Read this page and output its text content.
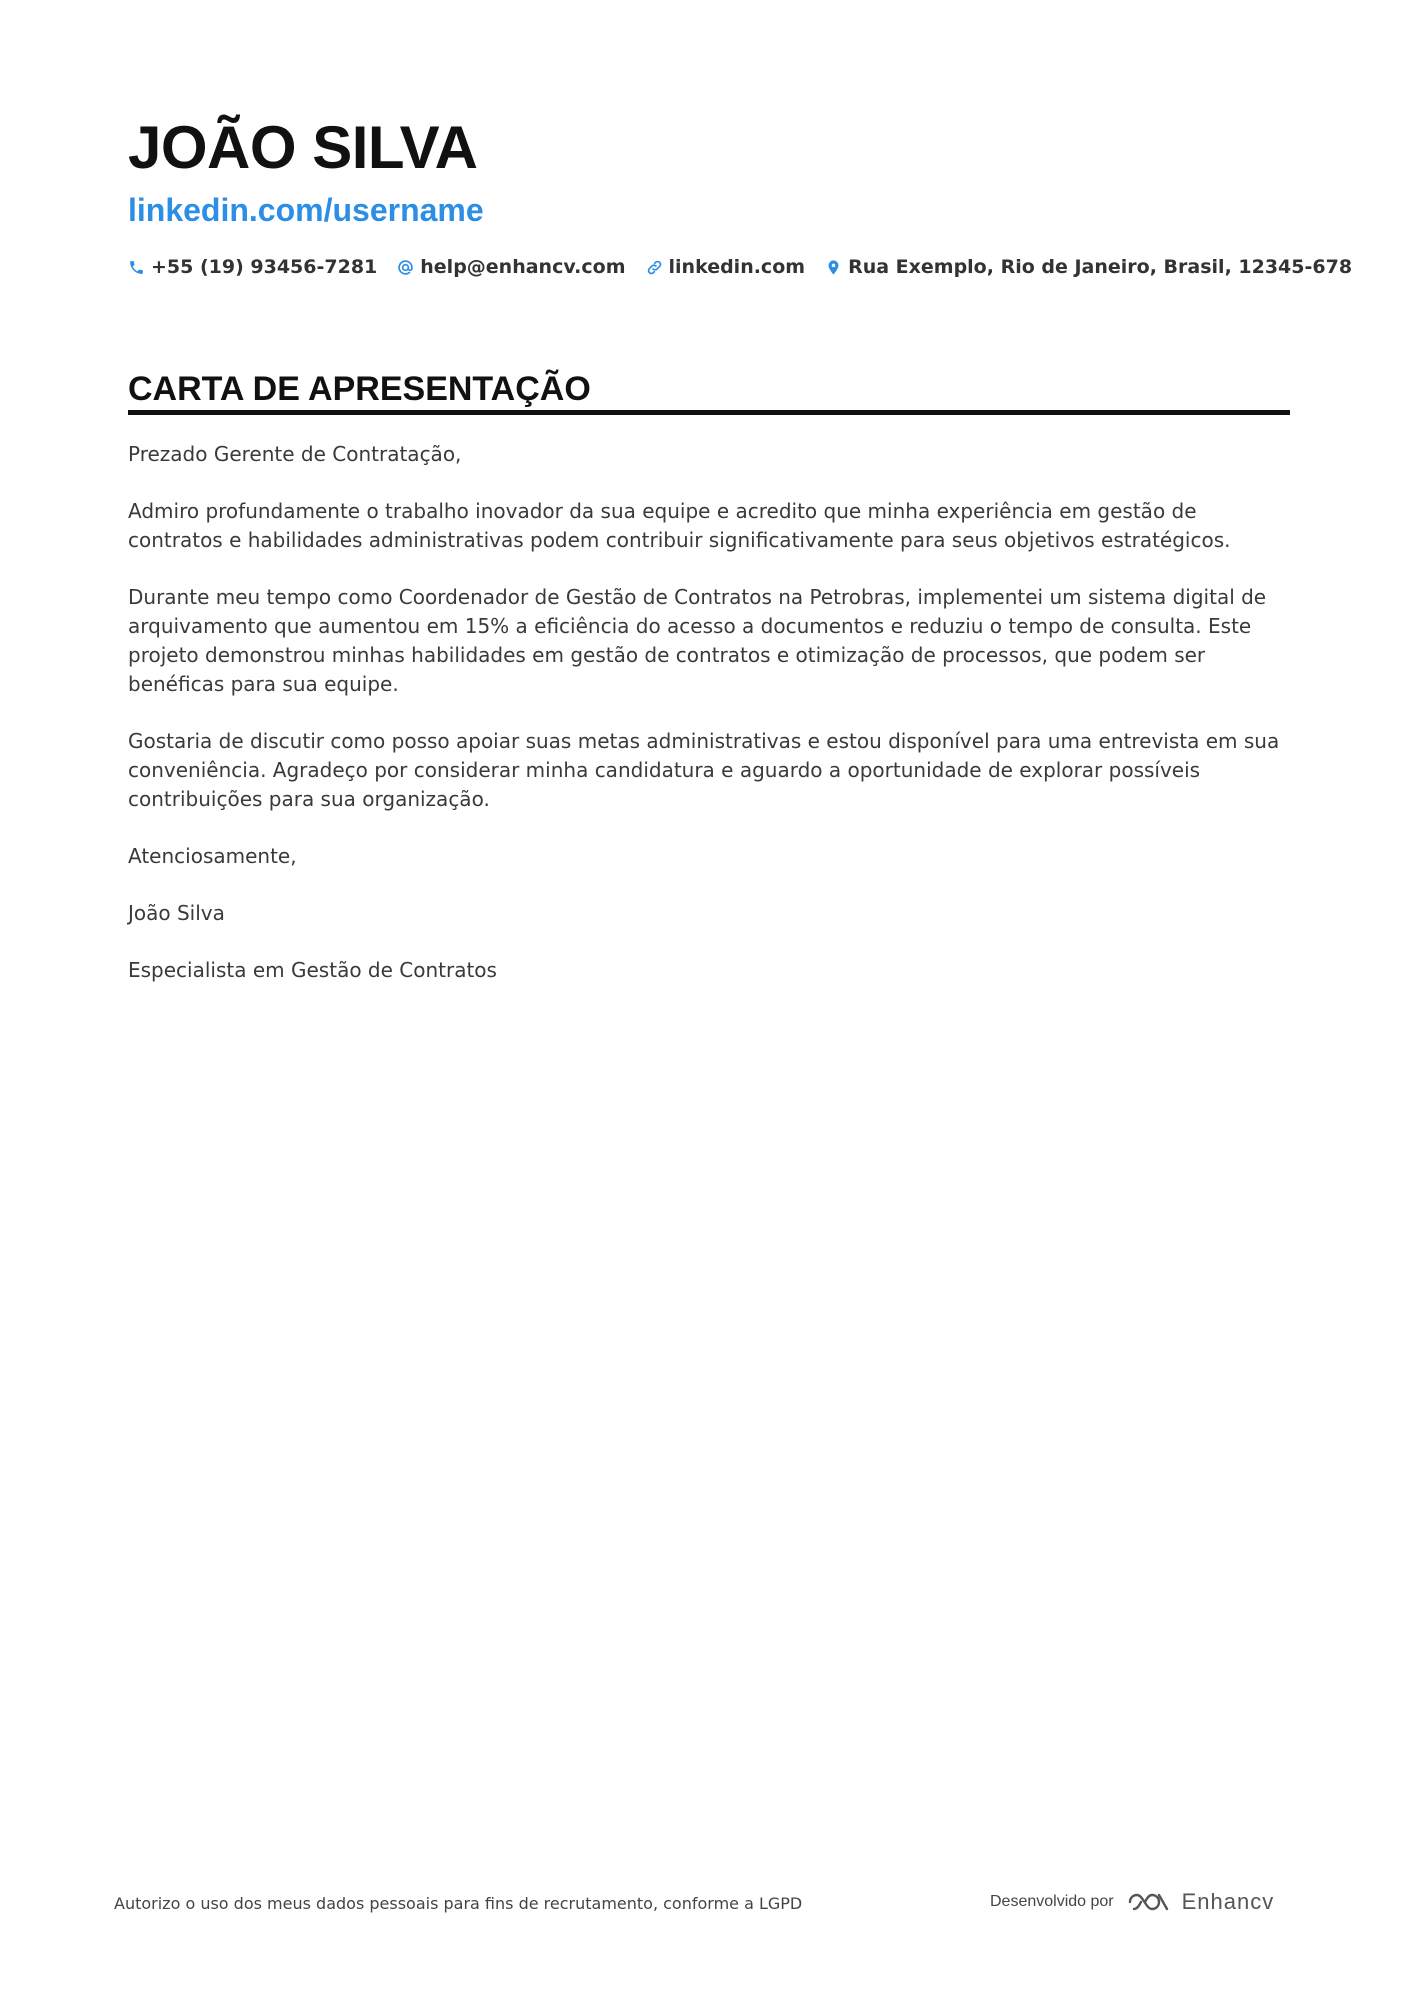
JOÃO SILVA
linkedin.com/username
+55 (19) 93456-7281 help@enhancv.com linkedin.com Rua Exemplo, Rio de Janeiro, Brasil, 12345-678
CARTA DE APRESENTAÇÃO

Prezado Gerente de Contratação,

Admiro profundamente o trabalho inovador da sua equipe e acredito que minha experiência em gestão de contratos e habilidades administrativas podem contribuir significativamente para seus objetivos estratégicos.

Durante meu tempo como Coordenador de Gestão de Contratos na Petrobras, implementei um sistema digital de arquivamento que aumentou em 15% a eficiência do acesso a documentos e reduziu o tempo de consulta. Este projeto demonstrou minhas habilidades em gestão de contratos e otimização de processos, que podem ser benéficas para sua equipe.

Gostaria de discutir como posso apoiar suas metas administrativas e estou disponível para uma entrevista em sua conveniência. Agradeço por considerar minha candidatura e aguardo a oportunidade de explorar possíveis contribuições para sua organização.

Atenciosamente,

João Silva

Especialista em Gestão de Contratos

Autorizo o uso dos meus dados pessoais para fins de recrutamento, conforme a LGPD	Desenvolvido por	Enhancv
